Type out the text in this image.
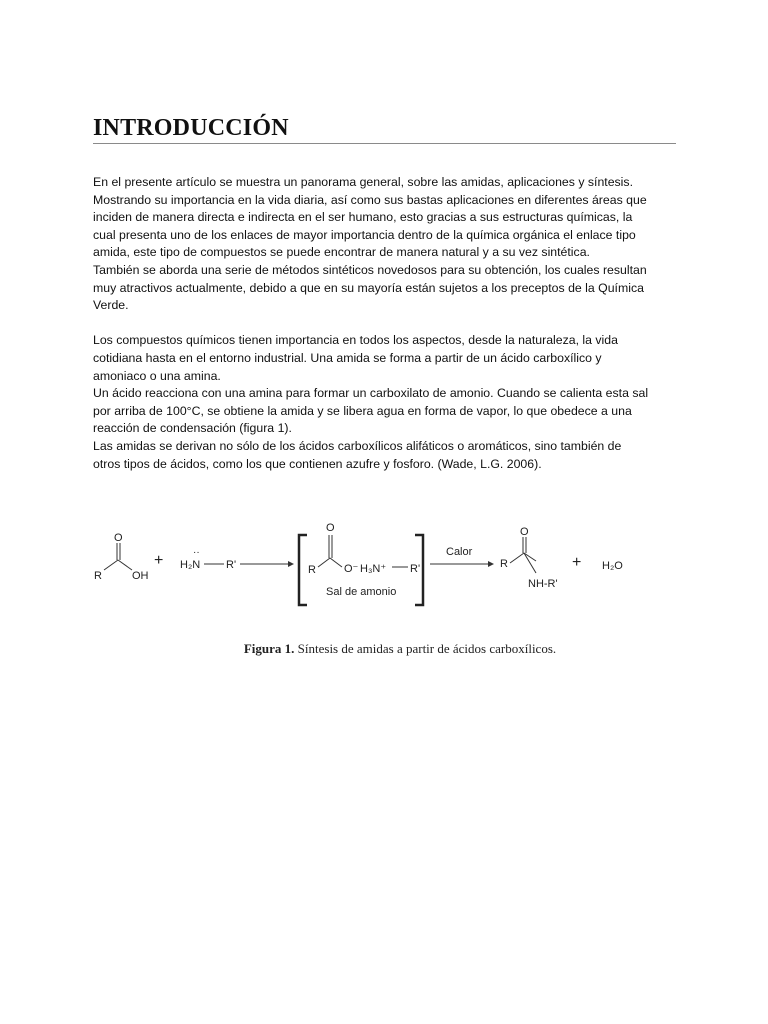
INTRODUCCIÓN

En el presente artículo se muestra un panorama general, sobre las amidas, aplicaciones y síntesis.

Mostrando su importancia en la vida diaria, así como sus bastas aplicaciones en diferentes áreas que

inciden de manera directa e indirecta en el ser humano, esto gracias a sus estructuras químicas, la

cual presenta uno de los enlaces de mayor importancia dentro de la química orgánica el enlace tipo

amida, este tipo de compuestos se puede encontrar de manera natural y a su vez sintética.

También se aborda una serie de métodos sintéticos novedosos para su obtención, los cuales resultan

muy atractivos actualmente, debido a que en su mayoría están sujetos a los preceptos de la Química

Verde.

Los compuestos químicos tienen importancia en todos los aspectos, desde la naturaleza, la vida

cotidiana hasta en el entorno industrial. Una amida se forma a partir de un ácido carboxílico y

amoniaco o una amina.

Un ácido reacciona con una amina para formar un carboxilato de amonio. Cuando se calienta esta sal

por arriba de 100°C, se obtiene la amida y se libera agua en forma de vapor, lo que obedece a una

reacción de condensación (figura 1).

Las amidas se derivan no sólo de los ácidos carboxílicos alifáticos o aromáticos, sino también de

otros tipos de ácidos, como los que contienen azufre y fosforo. (Wade, L.G. 2006).

O
R	OH
+	··
H₂N R'	R
O
O⁻ H₃N⁺ R'
Sal de amonio
Calor
R
O
NH-R'
+ H₂O
Figura 1. Síntesis de amidas a partir de ácidos carboxílicos.
